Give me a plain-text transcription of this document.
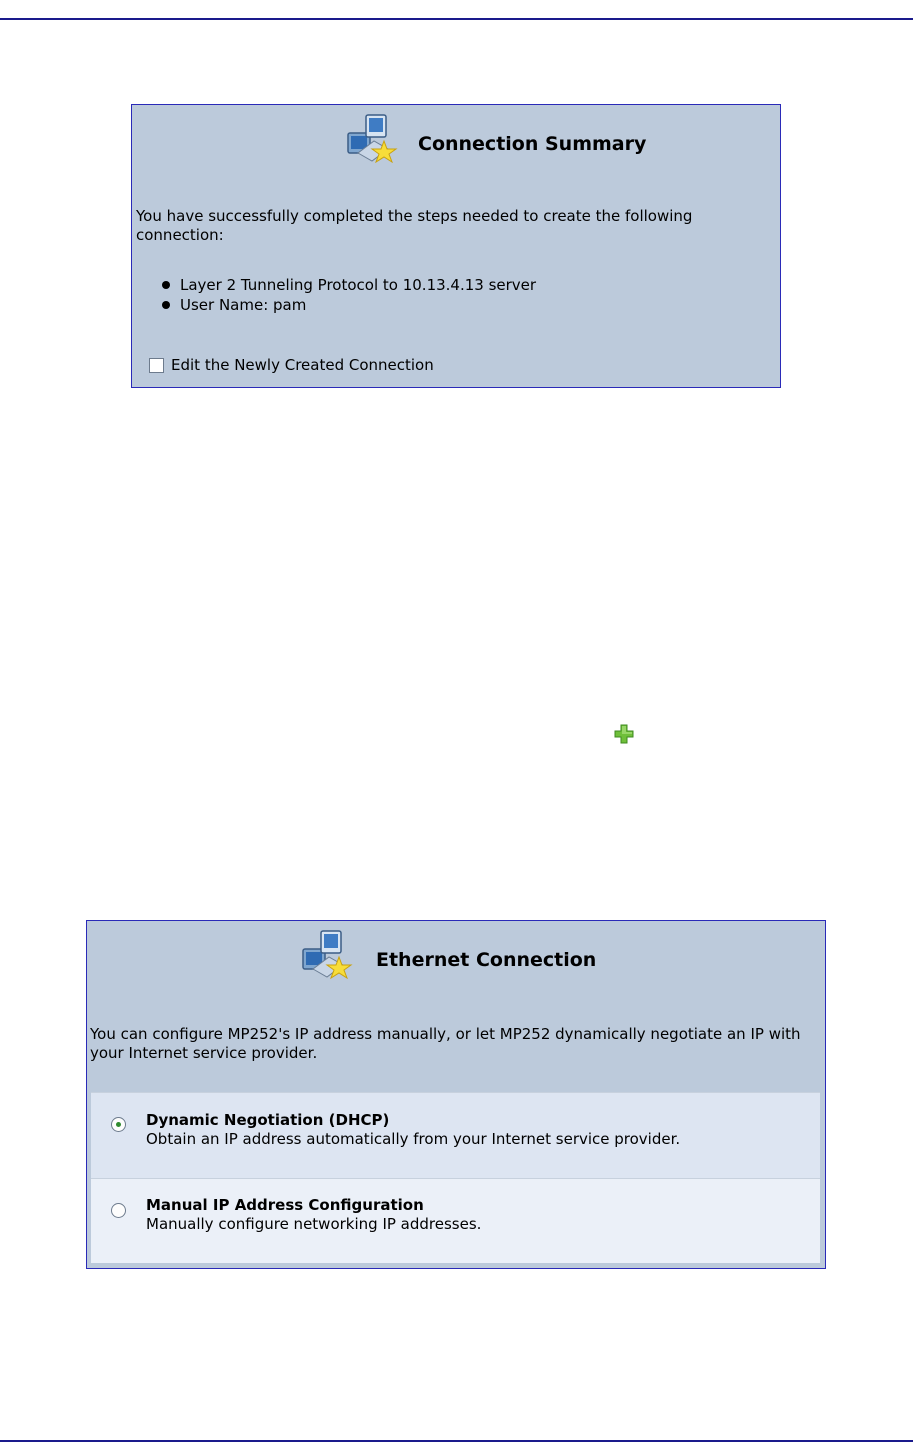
Connection Summary
You have successfully completed the steps needed to create the following connection:
Layer 2 Tunneling Protocol to 10.13.4.13 server
User Name: pam
Edit the Newly Created Connection
Ethernet Connection
You can configure MP252's IP address manually, or let MP252 dynamically negotiate an IP with your Internet service provider.
Dynamic Negotiation (DHCP)
Obtain an IP address automatically from your Internet service provider.
Manual IP Address Configuration
Manually configure networking IP addresses.
